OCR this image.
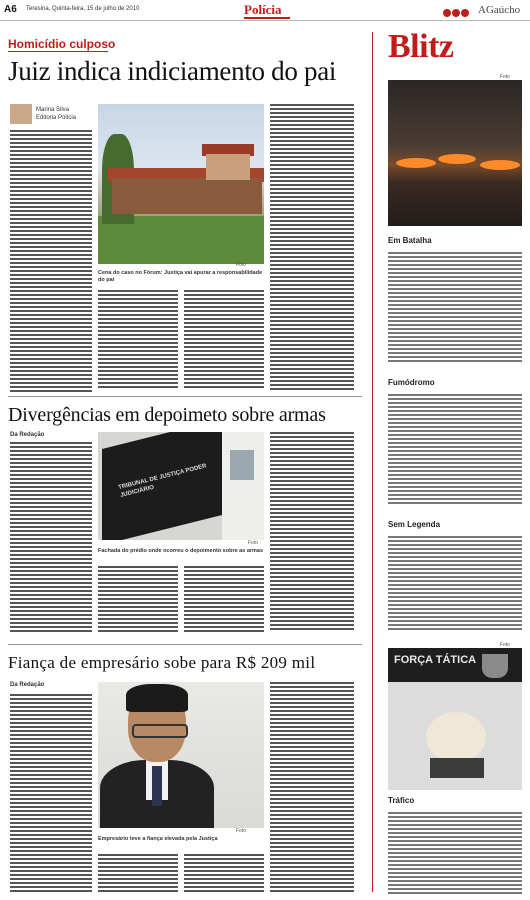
A6 Teresina, Quinta-feira, 15 de julho de 2010	Polícia	AGaúcho
Homicídio culposo
Juiz indica indiciamento do pai
Marina Silva
Editoria Polícia
Foto
Cena do caso no Fórum: Justiça vai apurar a responsabilidade do pai
Divergências em depoimeto sobre armas
Da Redação
TRIBUNAL DE JUSTIÇA PODER JUDICIÁRIO
Foto
Fachada do prédio onde ocorreu o depoimento sobre as armas
Fiança de empresário sobe para R$ 209 mil
Da Redação
Foto
Empresário teve a fiança elevada pela Justiça
Blitz
Foto
Em Batalha
Fumódromo
Sem Legenda
Foto
FORÇA TÁTICA
Tráfico
